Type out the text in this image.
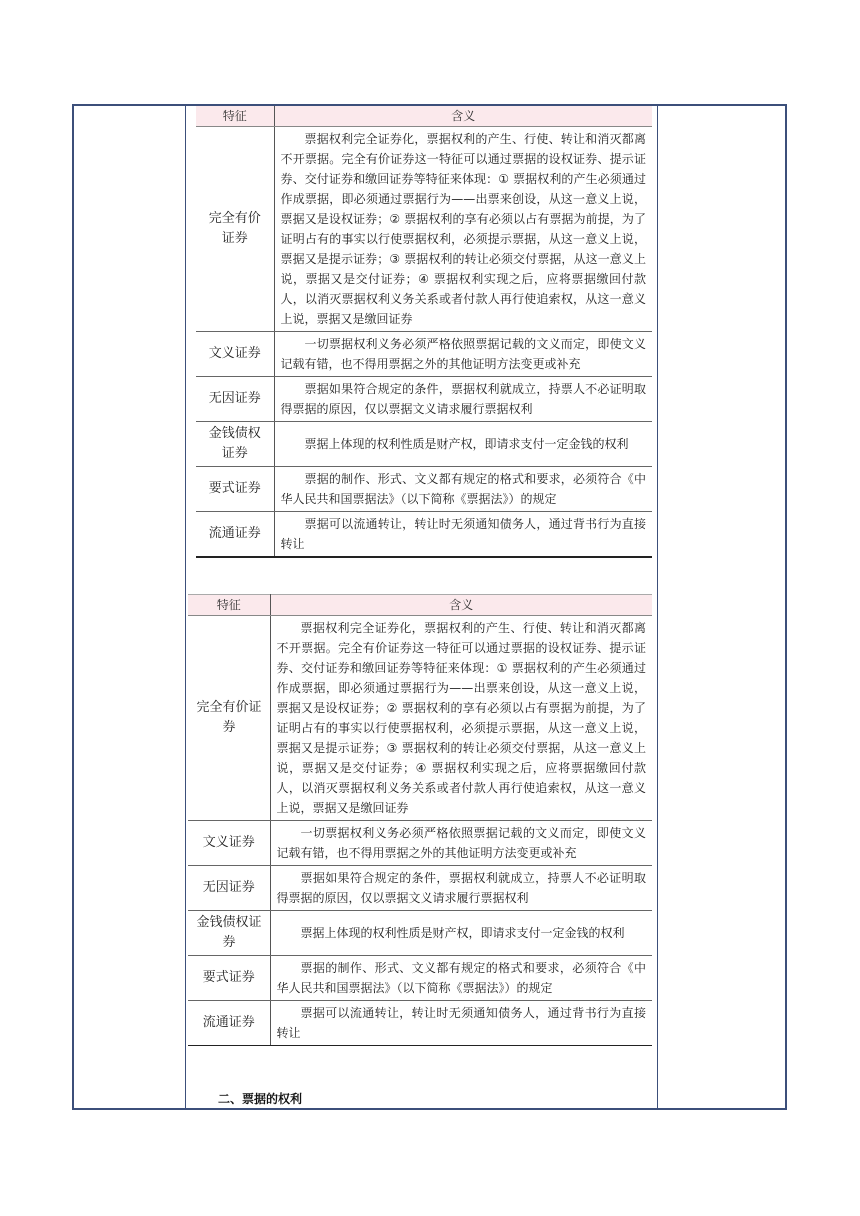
特征	含义
完全有价证券	票据权利完全证券化，票据权利的产生、行使、转让和消灭都离不开票据。完全有价证券这一特征可以通过票据的设权证券、提示证券、交付证券和缴回证券等特征来体现：① 票据权利的产生必须通过作成票据，即必须通过票据行为——出票来创设，从这一意义上说，票据又是设权证券；② 票据权利的享有必须以占有票据为前提，为了证明占有的事实以行使票据权利，必须提示票据，从这一意义上说，票据又是提示证券；③ 票据权利的转让必须交付票据，从这一意义上说，票据又是交付证券；④ 票据权利实现之后，应将票据缴回付款人，以消灭票据权利义务关系或者付款人再行使追索权，从这一意义上说，票据又是缴回证券

文义证券	一切票据权利义务必须严格依照票据记载的文义而定，即使文义记载有错，也不得用票据之外的其他证明方法变更或补充

无因证券	票据如果符合规定的条件，票据权利就成立，持票人不必证明取得票据的原因，仅以票据文义请求履行票据权利

金钱债权证券	票据上体现的权利性质是财产权，即请求支付一定金钱的权利

要式证券	票据的制作、形式、文义都有规定的格式和要求，必须符合《中华人民共和国票据法》（以下简称《票据法》）的规定

流通证券	票据可以流通转让，转让时无须通知债务人，通过背书行为直接转让
特征	含义
完全有价证券	票据权利完全证券化，票据权利的产生、行使、转让和消灭都离不开票据。完全有价证券这一特征可以通过票据的设权证券、提示证券、交付证券和缴回证券等特征来体现：① 票据权利的产生必须通过作成票据，即必须通过票据行为——出票来创设，从这一意义上说，票据又是设权证券；② 票据权利的享有必须以占有票据为前提，为了证明占有的事实以行使票据权利，必须提示票据，从这一意义上说，票据又是提示证券；③ 票据权利的转让必须交付票据，从这一意义上说，票据又是交付证券；④ 票据权利实现之后，应将票据缴回付款人，以消灭票据权利义务关系或者付款人再行使追索权，从这一意义上说，票据又是缴回证券

文义证券	一切票据权利义务必须严格依照票据记载的文义而定，即使文义记载有错，也不得用票据之外的其他证明方法变更或补充

无因证券	票据如果符合规定的条件，票据权利就成立，持票人不必证明取得票据的原因，仅以票据文义请求履行票据权利

金钱债权证券	票据上体现的权利性质是财产权，即请求支付一定金钱的权利

要式证券	票据的制作、形式、文义都有规定的格式和要求，必须符合《中华人民共和国票据法》（以下简称《票据法》）的规定

流通证券	票据可以流通转让，转让时无须通知债务人，通过背书行为直接转让
二、票据的权利
